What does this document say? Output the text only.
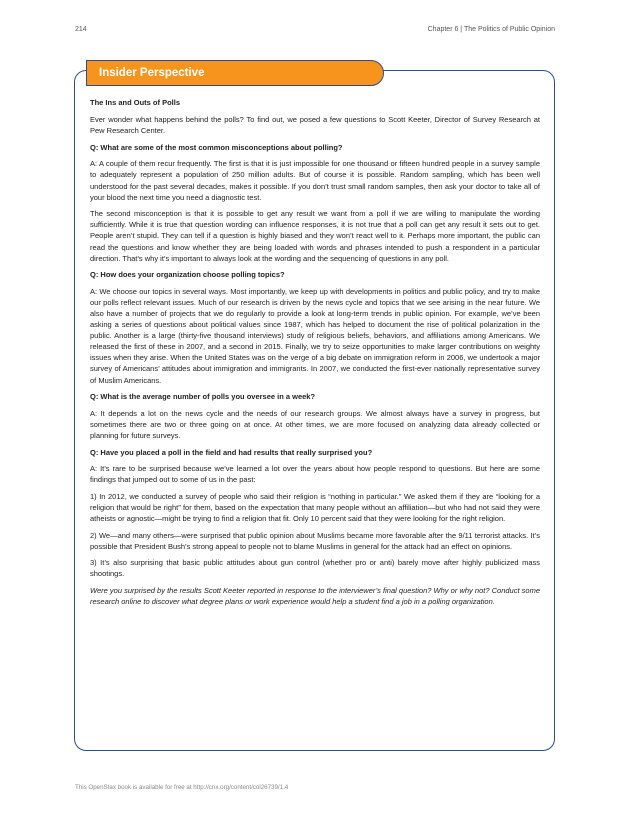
214	Chapter 6 | The Politics of Public Opinion
Insider Perspective

The Ins and Outs of Polls

Ever wonder what happens behind the polls? To find out, we posed a few questions to Scott Keeter, Director of Survey Research at Pew Research Center.

Q: What are some of the most common misconceptions about polling?

A: A couple of them recur frequently. The first is that it is just impossible for one thousand or fifteen hundred people in a survey sample to adequately represent a population of 250 million adults. But of course it is possible. Random sampling, which has been well understood for the past several decades, makes it possible. If you don’t trust small random samples, then ask your doctor to take all of your blood the next time you need a diagnostic test.

The second misconception is that it is possible to get any result we want from a poll if we are willing to manipulate the wording sufficiently. While it is true that question wording can influence responses, it is not true that a poll can get any result it sets out to get. People aren’t stupid. They can tell if a question is highly biased and they won’t react well to it. Perhaps more important, the public can read the questions and know whether they are being loaded with words and phrases intended to push a respondent in a particular direction. That’s why it’s important to always look at the wording and the sequencing of questions in any poll.

Q: How does your organization choose polling topics?

A: We choose our topics in several ways. Most importantly, we keep up with developments in politics and public policy, and try to make our polls reflect relevant issues. Much of our research is driven by the news cycle and topics that we see arising in the near future. We also have a number of projects that we do regularly to provide a look at long-term trends in public opinion. For example, we’ve been asking a series of questions about political values since 1987, which has helped to document the rise of political polarization in the public. Another is a large (thirty-five thousand interviews) study of religious beliefs, behaviors, and affiliations among Americans. We released the first of these in 2007, and a second in 2015. Finally, we try to seize opportunities to make larger contributions on weighty issues when they arise. When the United States was on the verge of a big debate on immigration reform in 2006, we undertook a major survey of Americans’ attitudes about immigration and immigrants. In 2007, we conducted the first-ever nationally representative survey of Muslim Americans.

Q: What is the average number of polls you oversee in a week?

A: It depends a lot on the news cycle and the needs of our research groups. We almost always have a survey in progress, but sometimes there are two or three going on at once. At other times, we are more focused on analyzing data already collected or planning for future surveys.

Q: Have you placed a poll in the field and had results that really surprised you?

A: It’s rare to be surprised because we’ve learned a lot over the years about how people respond to questions. But here are some findings that jumped out to some of us in the past:

1) In 2012, we conducted a survey of people who said their religion is “nothing in particular.” We asked them if they are “looking for a religion that would be right” for them, based on the expectation that many people without an affiliation—but who had not said they were atheists or agnostic—might be trying to find a religion that fit. Only 10 percent said that they were looking for the right religion.

2) We—and many others—were surprised that public opinion about Muslims became more favorable after the 9/11 terrorist attacks. It’s possible that President Bush’s strong appeal to people not to blame Muslims in general for the attack had an effect on opinions.

3) It’s also surprising that basic public attitudes about gun control (whether pro or anti) barely move after highly publicized mass shootings.

Were you surprised by the results Scott Keeter reported in response to the interviewer’s final question? Why or why not? Conduct some research online to discover what degree plans or work experience would help a student find a job in a polling organization.

This OpenStax book is available for free at http://cnx.org/content/col26739/1.4
